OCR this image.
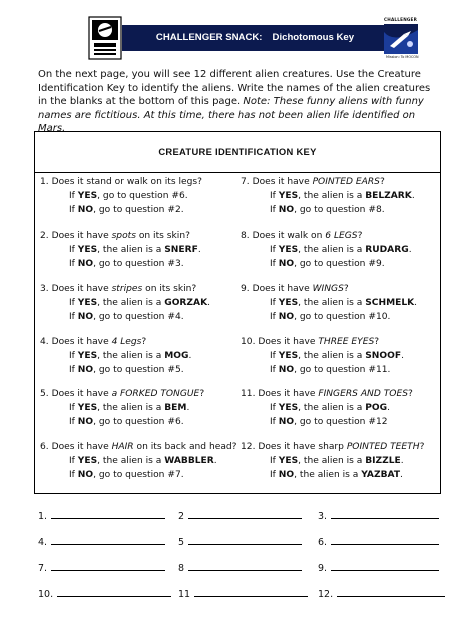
CHALLENGER SNACK: Dichotomous Key Identification
CHALLENGER
Mission: To MOCON
On the next page, you will see 12 different alien creatures. Use the Creature Identification Key to identify the aliens. Write the names of the alien creatures in the blanks at the bottom of this page. Note: These funny aliens with funny names are fictitious. At this time, there has not been alien life identified on Mars.
CREATURE IDENTIFICATION KEY
1. Does it stand or walk on its legs?
If YES, go to question #6.
If NO, go to question #2.
2. Does it have spots on its skin?
If YES, the alien is a SNERF.
If NO, go to question #3.
3. Does it have stripes on its skin?
If YES, the alien is a GORZAK.
If NO, go to question #4.
4. Does it have 4 Legs?
If YES, the alien is a MOG.
If NO, go to question #5.
5. Does it have a FORKED TONGUE?
If YES, the alien is a BEM.
If NO, go to question #6.
6. Does it have HAIR on its back and head?
If YES, the alien is a WABBLER.
If NO, go to question #7.
7. Does it have POINTED EARS?
If YES, the alien is a BELZARK.
If NO, go to question #8.
8. Does it walk on 6 LEGS?
If YES, the alien is a RUDARG.
If NO, go to question #9.
9. Does it have WINGS?
If YES, the alien is a SCHMELK.
If NO, go to question #10.
10. Does it have THREE EYES?
If YES, the alien is a SNOOF.
If NO, go to question #11.
11. Does it have FINGERS AND TOES?
If YES, the alien is a POG.
If NO, go to question #12
12. Does it have sharp POINTED TEETH?
If YES, the alien is a BIZZLE.
If NO, the alien is a YAZBAT.
1.	2	3.
4.	5	6.
7.	8	9.
10.	11	12.
